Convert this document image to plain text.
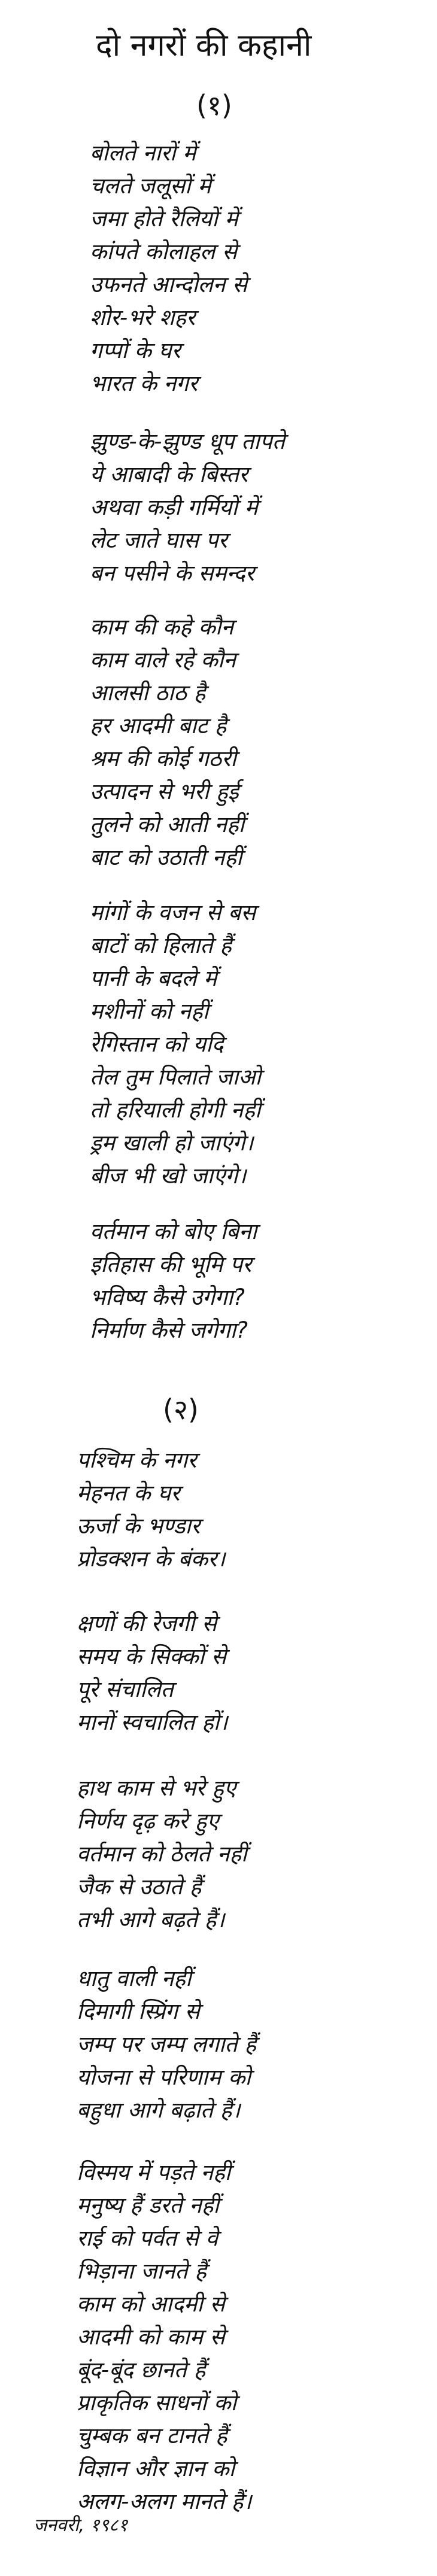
दो नगरों की कहानी
(१)
बोलते नारों में
चलते जलूसों में
जमा होते रैलियों में
कांपते कोलाहल से
उफनते आन्दोलन से
शोर-भरे शहर
गप्पों के घर
भारत के नगर
झुण्ड-के-झुण्ड धूप तापते
ये आबादी के बिस्तर
अथवा कड़ी गर्मियों में
लेट जाते घास पर
बन पसीने के समन्दर
काम की कहे कौन
काम वाले रहे कौन
आलसी ठाठ है
हर आदमी बाट है
श्रम की कोई गठरी
उत्पादन से भरी हुई
तुलने को आती नहीं
बाट को उठाती नहीं
मांगों के वजन से बस
बाटों को हिलाते हैं
पानी के बदले में
मशीनों को नहीं
रेगिस्तान को यदि
तेल तुम पिलाते जाओ
तो हरियाली होगी नहीं
ड्रम खाली हो जाएंगे।
बीज भी खो जाएंगे।
वर्तमान को बोए बिना
इतिहास की भूमि पर
भविष्य कैसे उगेगा?
निर्माण कैसे जगेगा?
(२)
पश्चिम के नगर
मेहनत के घर
ऊर्जा के भण्डार
प्रोडक्शन के बंकर।
क्षणों की रेजगी से
समय के सिक्कों से
पूरे संचालित
मानों स्वचालित हों।
हाथ काम से भरे हुए
निर्णय दृढ़ करे हुए
वर्तमान को ठेलते नहीं
जैक से उठाते हैं
तभी आगे बढ़ते हैं।
धातु वाली नहीं
दिमागी स्प्रिंग से
जम्प पर जम्प लगाते हैं
योजना से परिणाम को
बहुधा आगे बढ़ाते हैं।
विस्मय में पड़ते नहीं
मनुष्य हैं डरते नहीं
राई को पर्वत से वे
भिड़ाना जानते हैं
काम को आदमी से
आदमी को काम से
बूंद-बूंद छानते हैं
प्राकृतिक साधनों को
चुम्बक बन टानते हैं
विज्ञान और ज्ञान को
अलग-अलग मानते हैं।
जनवरी, १९८१
